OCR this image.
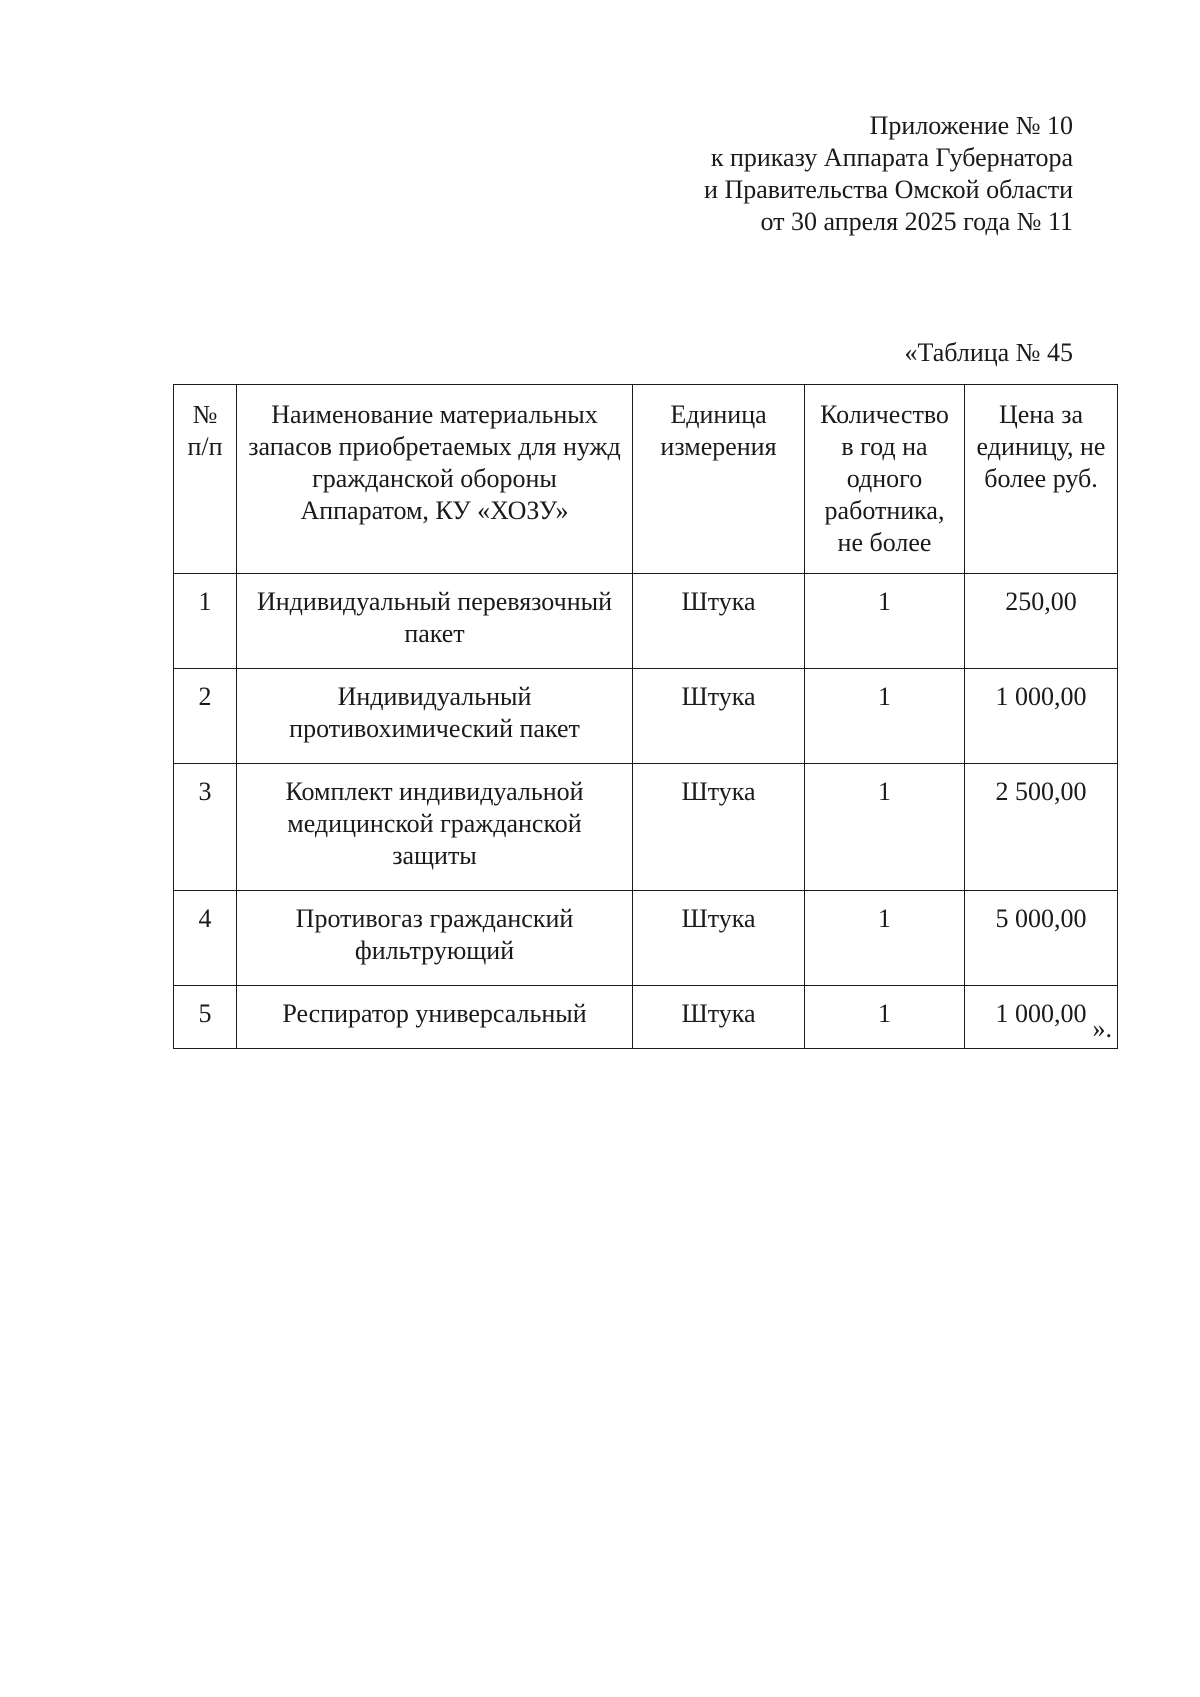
Приложение № 10
к приказу Аппарата Губернатора
и Правительства Омской области
от 30 апреля 2025 года № 11
«Таблица № 45
№ п/п	Наименование материальных запасов приобретаемых для нужд гражданской обороны Аппаратом, КУ «ХОЗУ»	Единица измерения	Количество в год на одного работника, не более	Цена за единицу, не более руб.
1	Индивидуальный перевязочный пакет	Штука	1	250,00
2	Индивидуальный противохимический пакет	Штука	1	1 000,00
3	Комплект индивидуальной медицинской гражданской защиты	Штука	1	2 500,00
4	Противогаз гражданский фильтрующий	Штука	1	5 000,00
5	Респиратор универсальный	Штука	1	1 000,00
».
